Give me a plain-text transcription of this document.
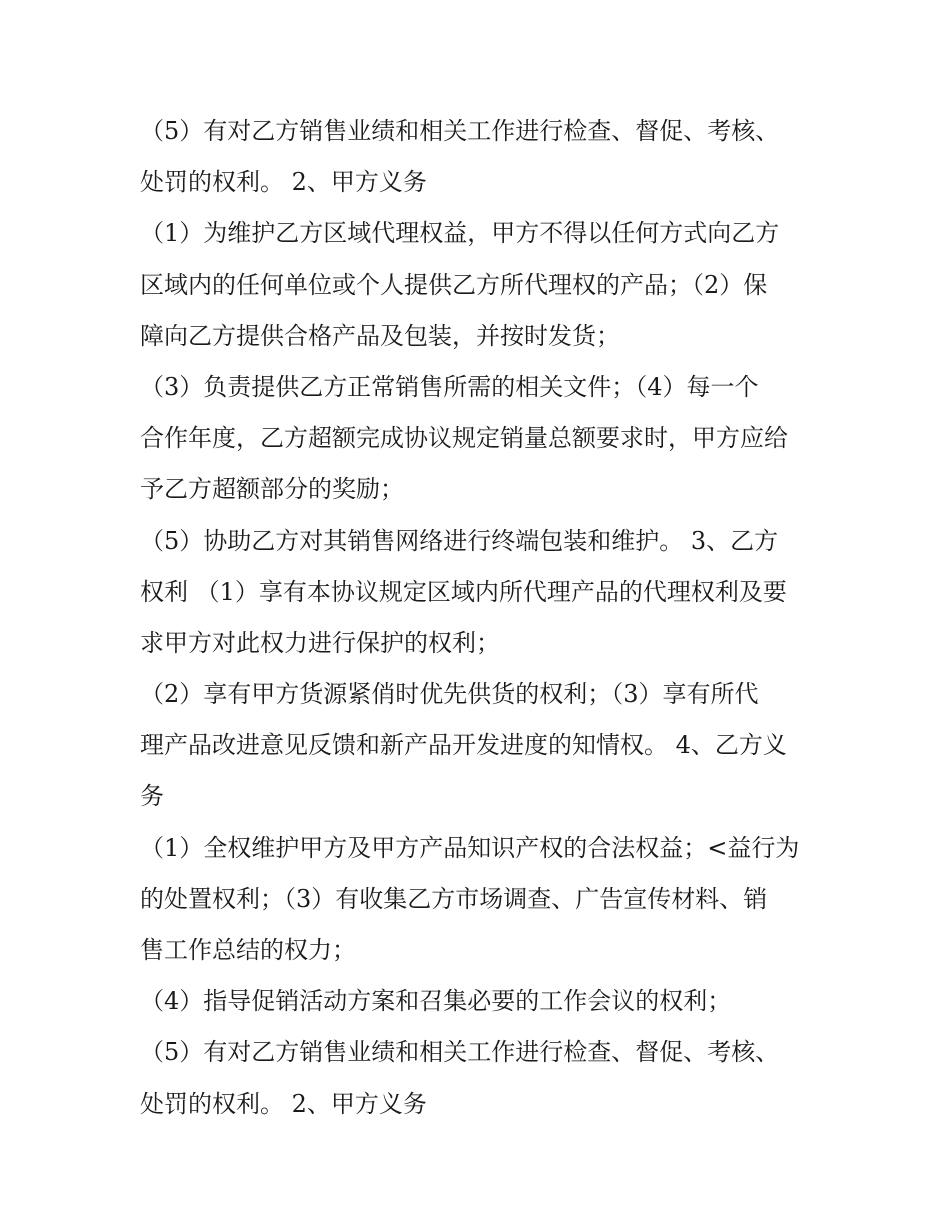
（5）有对乙方销售业绩和相关工作进行检查、督促、考核、
处罚的权利。 2、甲方义务
（1）为维护乙方区域代理权益，甲方不得以任何方式向乙方
区域内的任何单位或个人提供乙方所代理权的产品；（2）保
障向乙方提供合格产品及包装，并按时发货；
（3）负责提供乙方正常销售所需的相关文件；（4）每一个
合作年度，乙方超额完成协议规定销量总额要求时，甲方应给
予乙方超额部分的奖励；
（5）协助乙方对其销售网络进行终端包装和维护。 3、乙方
权利 （1）享有本协议规定区域内所代理产品的代理权利及要
求甲方对此权力进行保护的权利；
（2）享有甲方货源紧俏时优先供货的权利；（3）享有所代
理产品改进意见反馈和新产品开发进度的知情权。 4、乙方义
务
（1）全权维护甲方及甲方产品知识产权的合法权益；<益行为
的处置权利；（3）有收集乙方市场调查、广告宣传材料、销
售工作总结的权力；
（4）指导促销活动方案和召集必要的工作会议的权利；
（5）有对乙方销售业绩和相关工作进行检查、督促、考核、
处罚的权利。 2、甲方义务
